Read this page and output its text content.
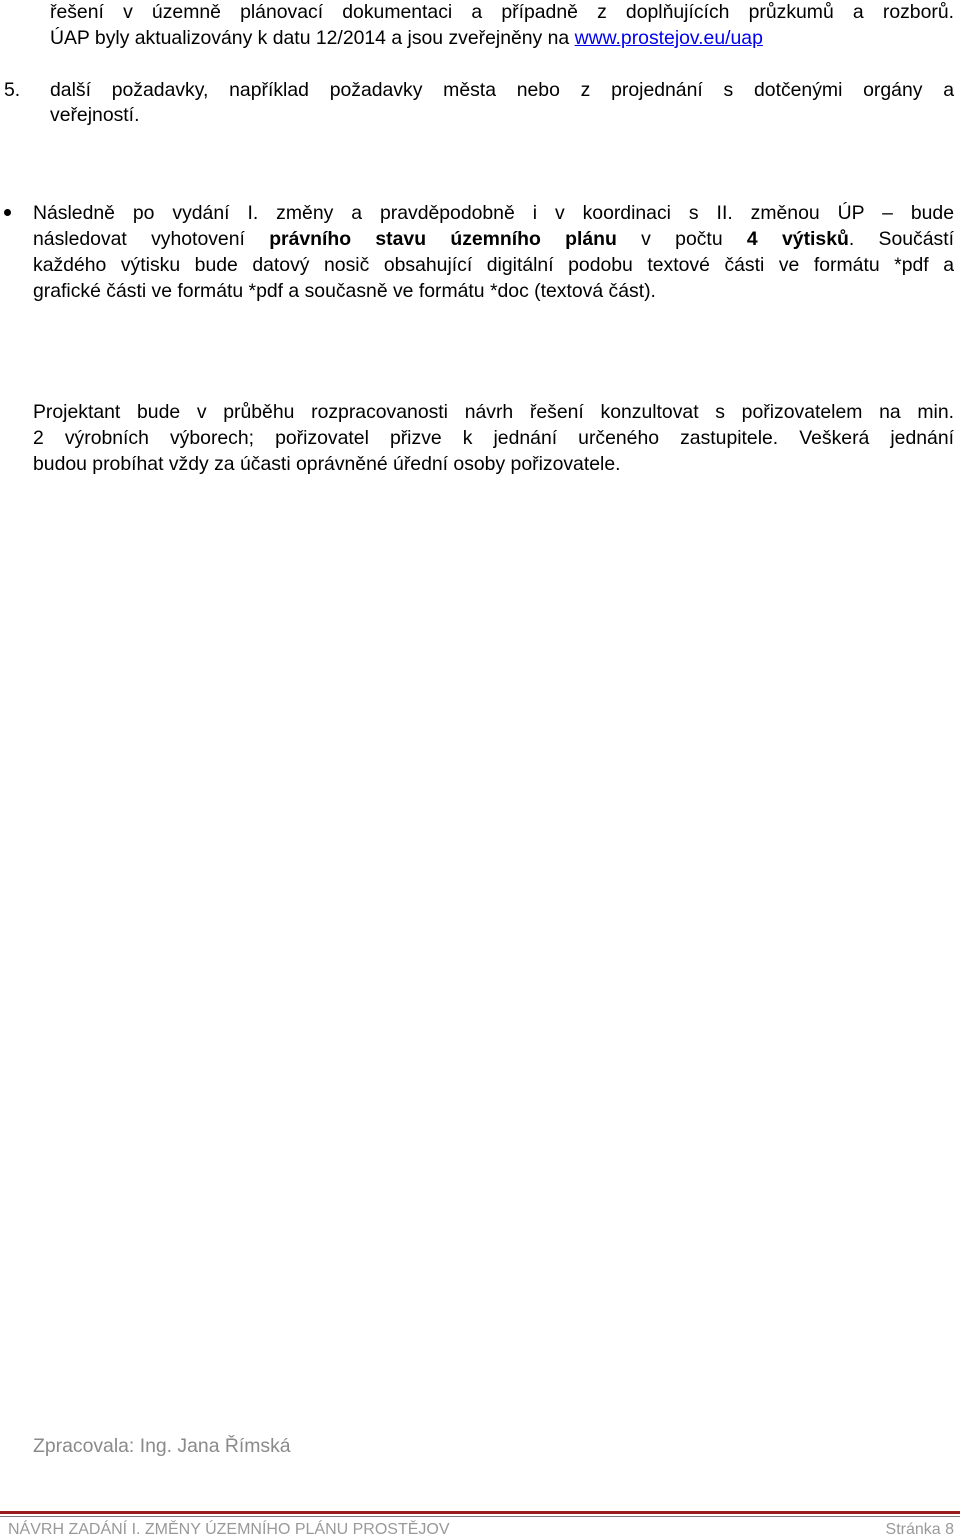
řešení v územně plánovací dokumentaci a případně z doplňujících průzkumů a rozborů.
ÚAP byly aktualizovány k datu 12/2014 a jsou zveřejněny na www.prostejov.eu/uap
5. další požadavky, například požadavky města nebo z projednání s dotčenými orgány a
veřejností.
Následně po vydání I. změny a pravděpodobně i v koordinaci s II. změnou ÚP – bude
následovat vyhotovení právního stavu územního plánu v počtu 4 výtisků. Součástí
každého výtisku bude datový nosič obsahující digitální podobu textové části ve formátu *pdf a
grafické části ve formátu *pdf a současně ve formátu *doc (textová část).
Projektant bude v průběhu rozpracovanosti návrh řešení konzultovat s pořizovatelem na min.
2 výrobních výborech; pořizovatel přizve k jednání určeného zastupitele. Veškerá jednání
budou probíhat vždy za účasti oprávněné úřední osoby pořizovatele.
Zpracovala: Ing. Jana Římská
NÁVRH ZADÁNÍ I. ZMĚNY ÚZEMNÍHO PLÁNU PROSTĚJOV	Stránka 8
